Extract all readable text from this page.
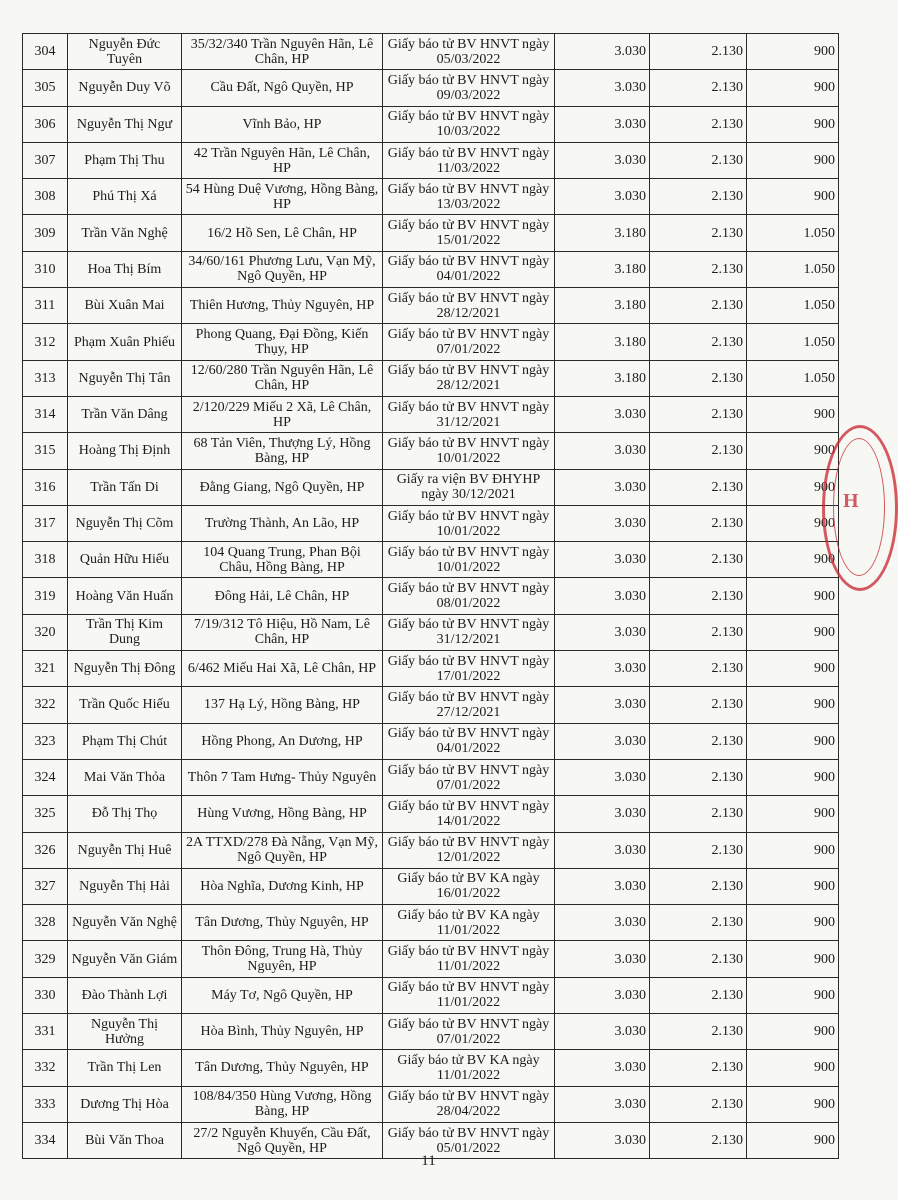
304	Nguyễn Đức Tuyên	35/32/340 Trần Nguyên Hãn, Lê Chân, HP	Giấy báo tử BV HNVT ngày 05/03/2022	3.030	2.130	900
305	Nguyễn Duy Võ	Cầu Đất, Ngô Quyền, HP	Giấy báo tử BV HNVT ngày 09/03/2022	3.030	2.130	900
306	Nguyễn Thị Ngư	Vĩnh Bảo, HP	Giấy báo tử BV HNVT ngày 10/03/2022	3.030	2.130	900
307	Phạm Thị Thu	42 Trần Nguyên Hãn, Lê Chân, HP	Giấy báo tử BV HNVT ngày 11/03/2022	3.030	2.130	900
308	Phú Thị Xá	54 Hùng Duệ Vương, Hồng Bàng, HP	Giấy báo tử BV HNVT ngày 13/03/2022	3.030	2.130	900
309	Trần Văn Nghệ	16/2 Hồ Sen, Lê Chân, HP	Giấy báo tử BV HNVT ngày 15/01/2022	3.180	2.130	1.050
310	Hoa Thị Bím	34/60/161 Phương Lưu, Vạn Mỹ, Ngô Quyền, HP	Giấy báo tử BV HNVT ngày 04/01/2022	3.180	2.130	1.050
311	Bùi Xuân Mai	Thiên Hương, Thủy Nguyên, HP	Giấy báo tử BV HNVT ngày 28/12/2021	3.180	2.130	1.050
312	Phạm Xuân Phiếu	Phong Quang, Đại Đồng, Kiến Thụy, HP	Giấy báo tử BV HNVT ngày 07/01/2022	3.180	2.130	1.050
313	Nguyễn Thị Tân	12/60/280 Trần Nguyên Hãn, Lê Chân, HP	Giấy báo tử BV HNVT ngày 28/12/2021	3.180	2.130	1.050
314	Trần Văn Dâng	2/120/229 Miếu 2 Xã, Lê Chân, HP	Giấy báo tử BV HNVT ngày 31/12/2021	3.030	2.130	900
315	Hoàng Thị Định	68 Tản Viên, Thượng Lý, Hồng Bàng, HP	Giấy báo tử BV HNVT ngày 10/01/2022	3.030	2.130	900
316	Trần Tấn Di	Đằng Giang, Ngô Quyền, HP	Giấy ra viện BV ĐHYHP ngày 30/12/2021	3.030	2.130	900
317	Nguyễn Thị Cõm	Trường Thành, An Lão, HP	Giấy báo tử BV HNVT ngày 10/01/2022	3.030	2.130	900
318	Quản Hữu Hiếu	104 Quang Trung, Phan Bội Châu, Hồng Bàng, HP	Giấy báo tử BV HNVT ngày 10/01/2022	3.030	2.130	900
319	Hoàng Văn Huấn	Đông Hải, Lê Chân, HP	Giấy báo tử BV HNVT ngày 08/01/2022	3.030	2.130	900
320	Trần Thị Kim Dung	7/19/312 Tô Hiệu, Hồ Nam, Lê Chân, HP	Giấy báo tử BV HNVT ngày 31/12/2021	3.030	2.130	900
321	Nguyễn Thị Đông	6/462 Miếu Hai Xã, Lê Chân, HP	Giấy báo tử BV HNVT ngày 17/01/2022	3.030	2.130	900
322	Trần Quốc Hiếu	137 Hạ Lý, Hồng Bàng, HP	Giấy báo tử BV HNVT ngày 27/12/2021	3.030	2.130	900
323	Phạm Thị Chút	Hồng Phong, An Dương, HP	Giấy báo tử BV HNVT ngày 04/01/2022	3.030	2.130	900
324	Mai Văn Thỏa	Thôn 7 Tam Hưng- Thủy Nguyên	Giấy báo tử BV HNVT ngày 07/01/2022	3.030	2.130	900
325	Đỗ Thị Thọ	Hùng Vương, Hồng Bàng, HP	Giấy báo tử BV HNVT ngày 14/01/2022	3.030	2.130	900
326	Nguyễn Thị Huê	2A TTXD/278 Đà Nẵng, Vạn Mỹ, Ngô Quyền, HP	Giấy báo tử BV HNVT ngày 12/01/2022	3.030	2.130	900
327	Nguyễn Thị Hải	Hòa Nghĩa, Dương Kinh, HP	Giấy báo tử BV KA ngày 16/01/2022	3.030	2.130	900
328	Nguyễn Văn Nghệ	Tân Dương, Thủy Nguyên, HP	Giấy báo tử BV KA ngày 11/01/2022	3.030	2.130	900
329	Nguyễn Văn Giám	Thôn Đông, Trung Hà, Thủy Nguyên, HP	Giấy báo tử BV HNVT ngày 11/01/2022	3.030	2.130	900
330	Đào Thành Lợi	Máy Tơ, Ngô Quyền, HP	Giấy báo tử BV HNVT ngày 11/01/2022	3.030	2.130	900
331	Nguyễn Thị Hưởng	Hòa Bình, Thủy Nguyên, HP	Giấy báo tử BV HNVT ngày 07/01/2022	3.030	2.130	900
332	Trần Thị Len	Tân Dương, Thủy Nguyên, HP	Giấy báo tử BV KA ngày 11/01/2022	3.030	2.130	900
333	Dương Thị Hòa	108/84/350 Hùng Vương, Hồng Bàng, HP	Giấy báo tử BV HNVT ngày 28/04/2022	3.030	2.130	900
334	Bùi Văn Thoa	27/2 Nguyễn Khuyến, Cầu Đất, Ngô Quyền, HP	Giấy báo tử BV HNVT ngày 05/01/2022	3.030	2.130	900
H
11
